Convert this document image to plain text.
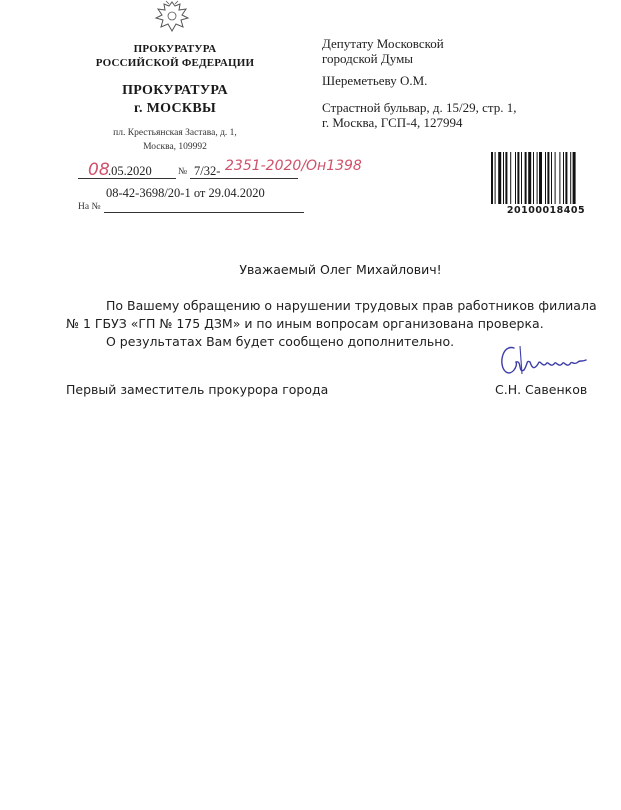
ПРОКУРАТУРА
РОССИЙСКОЙ ФЕДЕРАЦИИ
ПРОКУРАТУРА
г. МОСКВЫ
пл. Крестьянская Застава, д. 1,
Москва, 109992
08
.05.2020	№ 7/32- 2351-2020/Он1398
08-42-3698/20-1 от 29.04.2020
На №
Депутату Московской
городской Думы
Шереметьеву О.М.
Страстной бульвар, д. 15/29, стр. 1,
г. Москва, ГСП-4, 127994
20100018405
Уважаемый Олег Михайлович!

По Вашему обращению о нарушении трудовых прав работников филиала № 1 ГБУЗ «ГП № 175 ДЗМ» и по иным вопросам организована проверка.

О результатах Вам будет сообщено дополнительно.

Первый заместитель прокурора города	С.Н. Савенков
